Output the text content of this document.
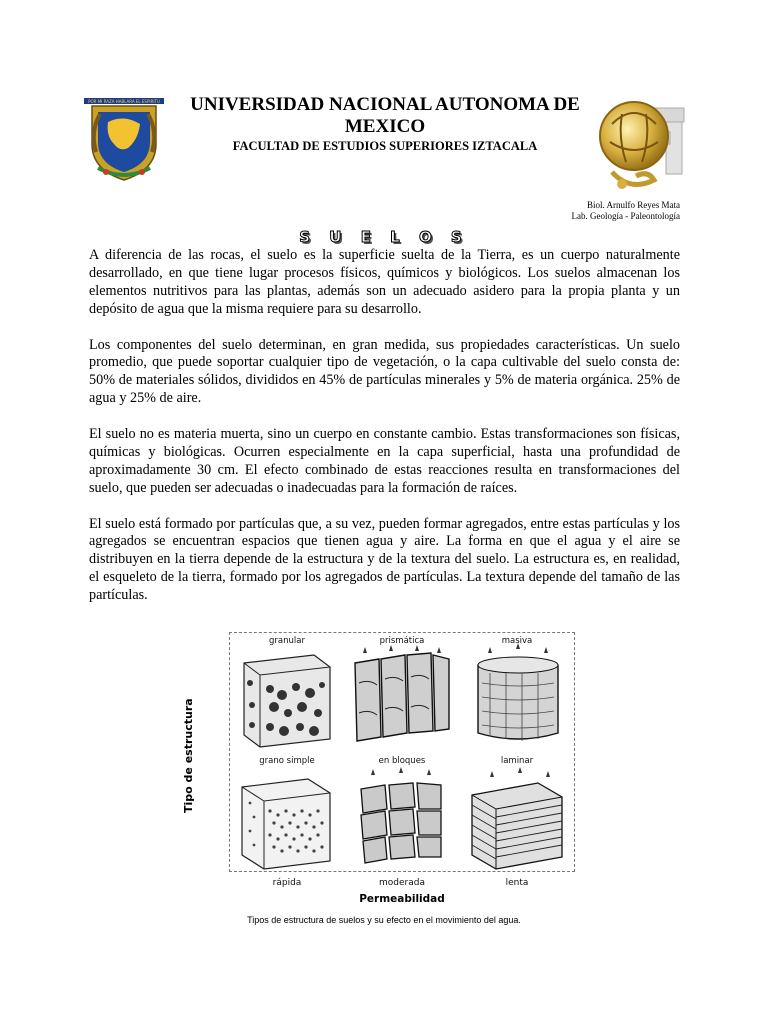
POR MI RAZA HABLARA EL ESPIRITU	UNIVERSIDAD NACIONAL AUTONOMA DE MEXICO
FACULTAD DE ESTUDIOS SUPERIORES IZTACALA
Biol. Arnulfo Reyes Mata
Lab. Geología - Paleontología
S U E L O S

A diferencia de las rocas, el suelo es la superficie suelta de la Tierra, es un cuerpo naturalmente desarrollado, en que tiene lugar procesos físicos, químicos y biológicos. Los suelos almacenan los elementos nutritivos para las plantas, además son un adecuado asidero para la propia planta y un depósito de agua que la misma requiere para su desarrollo.

Los componentes del suelo determinan, en gran medida, sus propiedades características. Un suelo promedio, que puede soportar cualquier tipo de vegetación, o la capa cultivable del suelo consta de: 50% de materiales sólidos, divididos en 45% de partículas minerales y 5% de materia orgánica. 25% de agua y 25% de aire.

El suelo no es materia muerta, sino un cuerpo en constante cambio. Estas transformaciones son físicas, químicas y biológicas. Ocurren especialmente en la capa superficial, hasta una profundidad de aproximadamente 30 cm. El efecto combinado de estas reacciones resulta en transformaciones del suelo, que pueden ser adecuadas o inadecuadas para la formación de raíces.

El suelo está formado por partículas que, a su vez, pueden formar agregados, entre estas partículas y los agregados se encuentran espacios que tienen agua y aire. La forma en que el agua y el aire se distribuyen en la tierra depende de la estructura y de la textura del suelo. La estructura es, en realidad, el esqueleto de la tierra, formado por los agregados de partículas. La textura depende del tamaño de las partículas.

Tipo de estructura
granular	prismática	masiva
grano simple	en bloques	laminar
rápida	moderada	lenta
Permeabilidad
Tipos de estructura de suelos y su efecto en el movimiento del agua.
